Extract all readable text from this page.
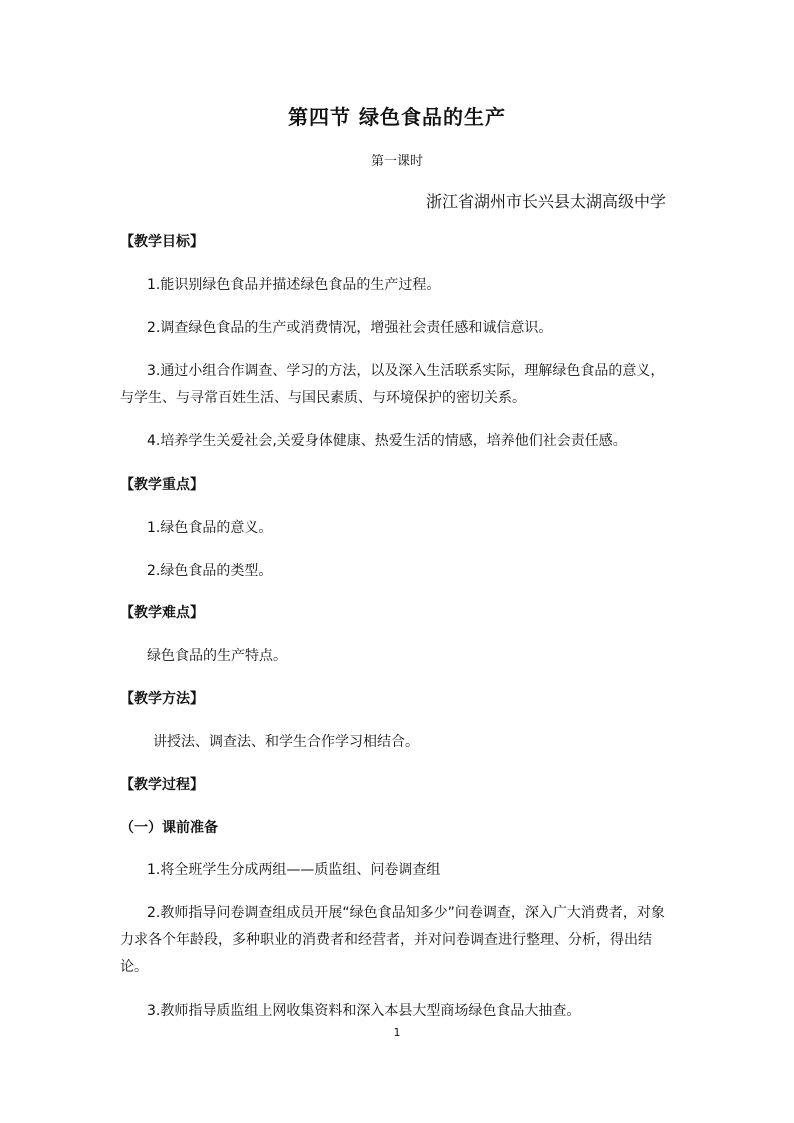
第四节 绿色食品的生产

第一课时

浙江省湖州市长兴县太湖高级中学

【教学目标】

1.能识别绿色食品并描述绿色食品的生产过程。

2.调查绿色食品的生产或消费情况，增强社会责任感和诚信意识。

3.通过小组合作调查、学习的方法，以及深入生活联系实际，理解绿色食品的意义，与学生、与寻常百姓生活、与国民素质、与环境保护的密切关系。

4.培养学生关爱社会,关爱身体健康、热爱生活的情感，培养他们社会责任感。

【教学重点】

1.绿色食品的意义。

2.绿色食品的类型。

【教学难点】

绿色食品的生产特点。

【教学方法】

讲授法、调查法、和学生合作学习相结合。

【教学过程】

（一）课前准备

1.将全班学生分成两组——质监组、问卷调查组

2.教师指导问卷调查组成员开展“绿色食品知多少”问卷调查，深入广大消费者，对象力求各个年龄段，多种职业的消费者和经营者，并对问卷调查进行整理、分析，得出结论。

3.教师指导质监组上网收集资料和深入本县大型商场绿色食品大抽查。

1
